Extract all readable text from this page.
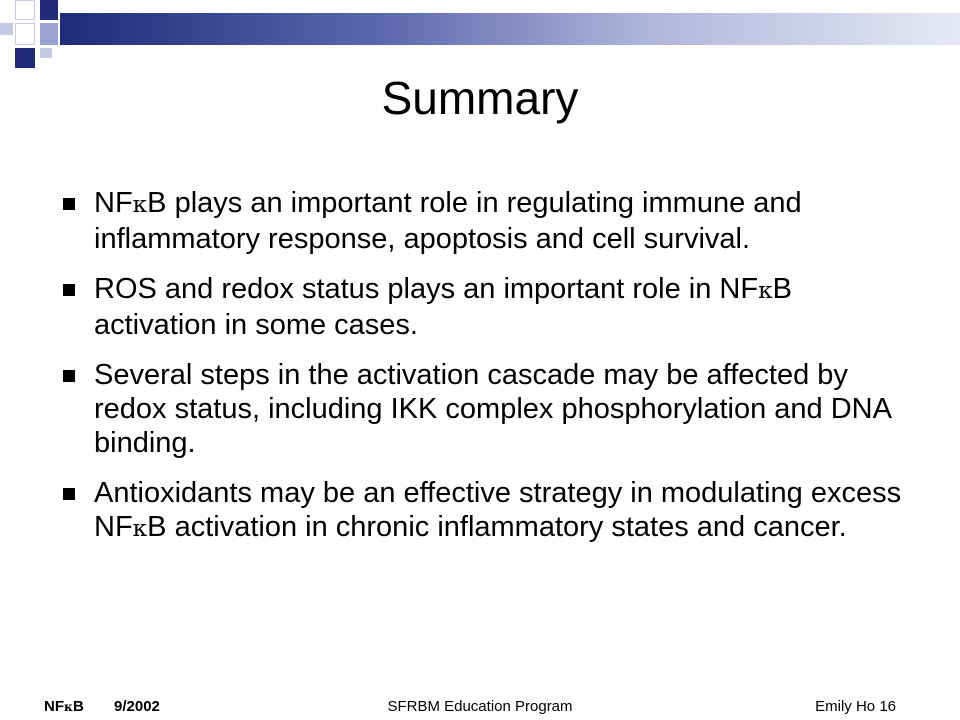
Summary
NFκB plays an important role in regulating immune and inflammatory response, apoptosis and cell survival.
ROS and redox status plays an important role in NFκB activation in some cases.
Several steps in the activation cascade may be affected by redox status, including IKK complex phosphorylation and DNA binding.
Antioxidants may be an effective strategy in modulating excess NFκB activation in chronic inflammatory states and cancer.
NFκB 9/2002	SFRBM Education Program	Emily Ho 16
